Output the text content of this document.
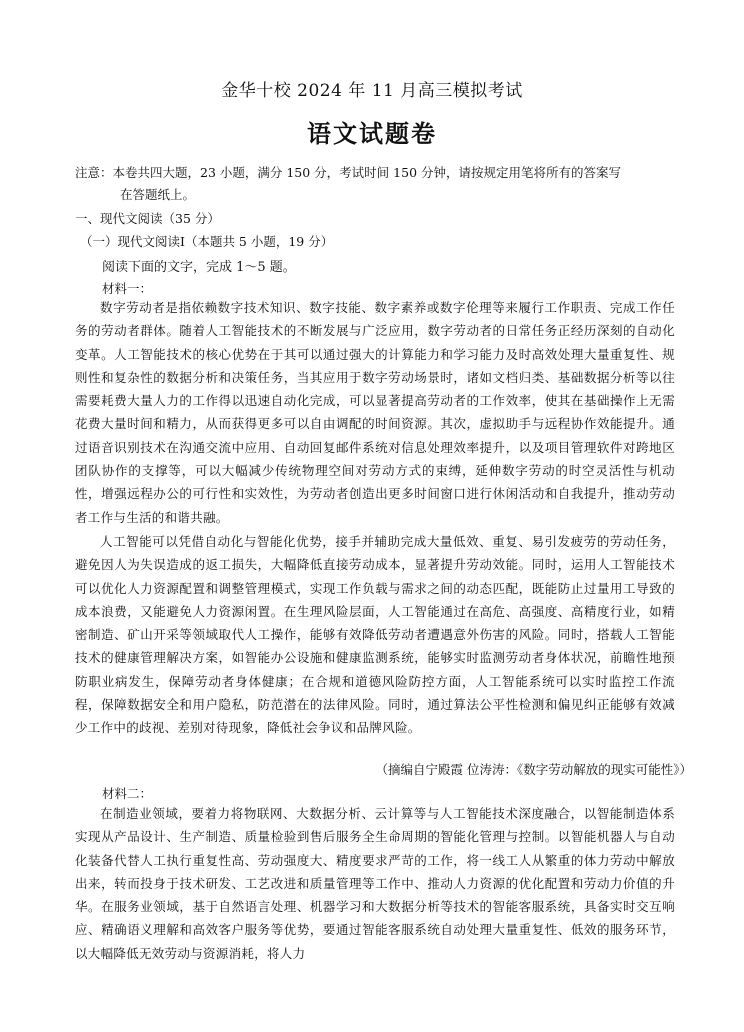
金华十校 2024 年 11 月高三模拟考试
语文试题卷
注意：本卷共四大题，23 小题，满分 150 分，考试时间 150 分钟，请按规定用笔将所有的答案写
在答题纸上。
一、现代文阅读（35 分）
（一）现代文阅读Ⅰ（本题共 5 小题，19 分）
阅读下面的文字，完成 1～5 题。
材料一：
数字劳动者是指依赖数字技术知识、数字技能、数字素养或数字伦理等来履行工作职责、完成工作任务的劳动者群体。随着人工智能技术的不断发展与广泛应用，数字劳动者的日常任务正经历深刻的自动化变革。人工智能技术的核心优势在于其可以通过强大的计算能力和学习能力及时高效处理大量重复性、规则性和复杂性的数据分析和决策任务，当其应用于数字劳动场景时，诸如文档归类、基础数据分析等以往需要耗费大量人力的工作得以迅速自动化完成，可以显著提高劳动者的工作效率，使其在基础操作上无需花费大量时间和精力，从而获得更多可以自由调配的时间资源。其次，虚拟助手与远程协作效能提升。通过语音识别技术在沟通交流中应用、自动回复邮件系统对信息处理效率提升，以及项目管理软件对跨地区团队协作的支撑等，可以大幅减少传统物理空间对劳动方式的束缚，延伸数字劳动的时空灵活性与机动性，增强远程办公的可行性和实效性，为劳动者创造出更多时间窗口进行休闲活动和自我提升，推动劳动者工作与生活的和谐共融。
人工智能可以凭借自动化与智能化优势，接手并辅助完成大量低效、重复、易引发疲劳的劳动任务，避免因人为失误造成的返工损失，大幅降低直接劳动成本，显著提升劳动效能。同时，运用人工智能技术可以优化人力资源配置和调整管理模式，实现工作负载与需求之间的动态匹配，既能防止过量用工导致的成本浪费，又能避免人力资源闲置。在生理风险层面，人工智能通过在高危、高强度、高精度行业，如精密制造、矿山开采等领域取代人工操作，能够有效降低劳动者遭遇意外伤害的风险。同时，搭载人工智能技术的健康管理解决方案，如智能办公设施和健康监测系统，能够实时监测劳动者身体状况，前瞻性地预防职业病发生，保障劳动者身体健康；在合规和道德风险防控方面，人工智能系统可以实时监控工作流程，保障数据安全和用户隐私，防范潜在的法律风险。同时，通过算法公平性检测和偏见纠正能够有效减少工作中的歧视、差别对待现象，降低社会争议和品牌风险。
（摘编自宁殿霞 位涛涛：《数字劳动解放的现实可能性》）
材料二：
在制造业领域，要着力将物联网、大数据分析、云计算等与人工智能技术深度融合，以智能制造体系实现从产品设计、生产制造、质量检验到售后服务全生命周期的智能化管理与控制。以智能机器人与自动化装备代替人工执行重复性高、劳动强度大、精度要求严苛的工作，将一线工人从繁重的体力劳动中解放出来，转而投身于技术研发、工艺改进和质量管理等工作中、推动人力资源的优化配置和劳动力价值的升华。在服务业领域，基于自然语言处理、机器学习和大数据分析等技术的智能客服系统，具备实时交互响应、精确语义理解和高效客户服务等优势，要通过智能客服系统自动处理大量重复性、低效的服务环节，以大幅降低无效劳动与资源消耗，将人力
